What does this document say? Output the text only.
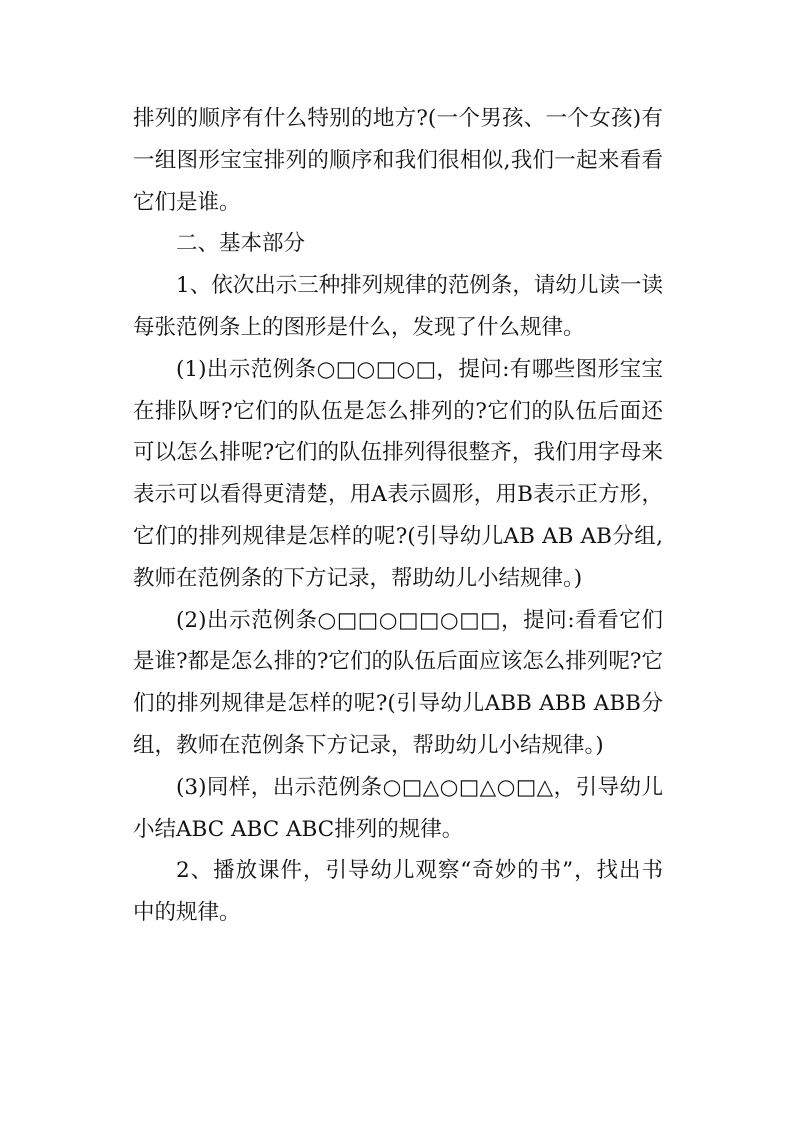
排列的顺序有什么特别的地方?(一个男孩、一个女孩)有一组图形宝宝排列的顺序和我们很相似,我们一起来看看它们是谁。

二、基本部分

1、依次出示三种排列规律的范例条，请幼儿读一读每张范例条上的图形是什么，发现了什么规律。

(1)出示范例条○□○□○□，提问:有哪些图形宝宝在排队呀?它们的队伍是怎么排列的?它们的队伍后面还可以怎么排呢?它们的队伍排列得很整齐，我们用字母来表示可以看得更清楚，用A表示圆形，用B表示正方形，它们的排列规律是怎样的呢?(引导幼儿AB AB AB分组,教师在范例条的下方记录，帮助幼儿小结规律。)

(2)出示范例条○□□○□□○□□，提问:看看它们是谁?都是怎么排的?它们的队伍后面应该怎么排列呢?它们的排列规律是怎样的呢?(引导幼儿ABB ABB ABB分组，教师在范例条下方记录，帮助幼儿小结规律。)

(3)同样，出示范例条○□△○□△○□△，引导幼儿小结ABC ABC ABC排列的规律。

2、播放课件，引导幼儿观察“奇妙的书”，找出书中的规律。
